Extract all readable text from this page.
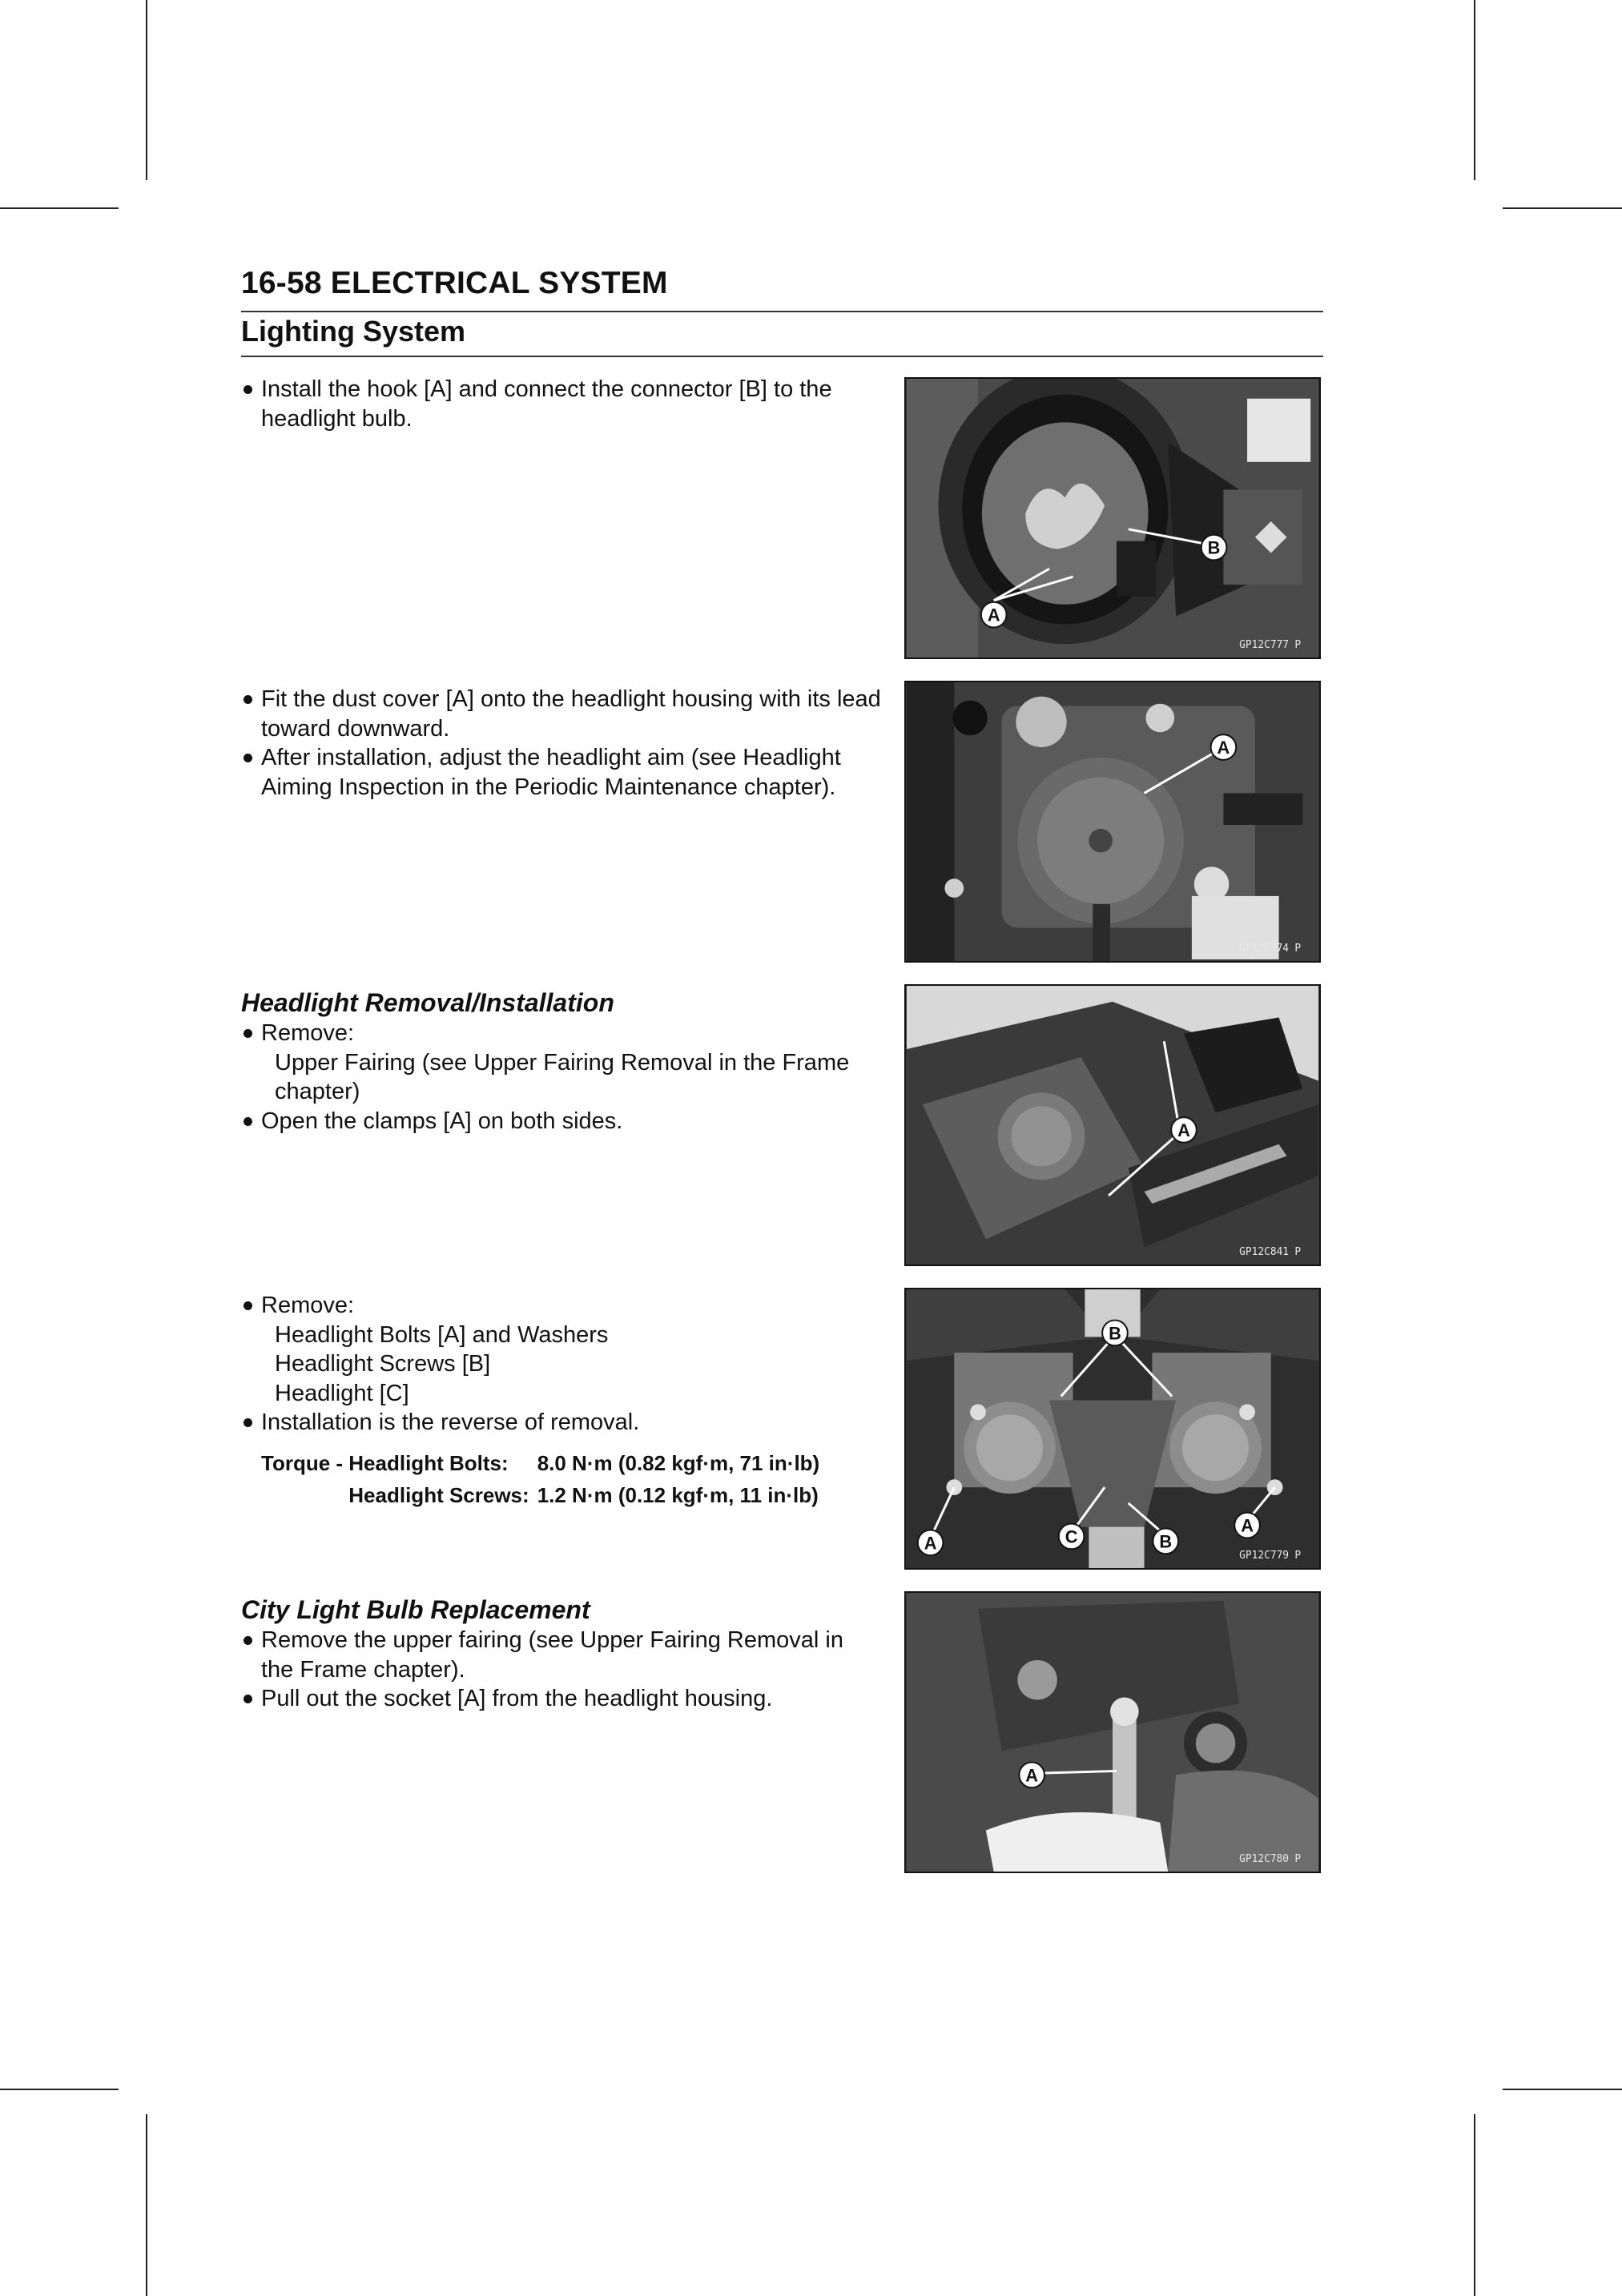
16-58 ELECTRICAL SYSTEM
Lighting System
Install the hook [A] and connect the connector [B] to the headlight bulb.
A
B
GP12C777 P
Fit the dust cover [A] onto the headlight housing with its lead toward downward.
After installation, adjust the headlight aim (see Headlight Aiming Inspection in the Periodic Maintenance chapter).
A
GP12C774 P
Headlight Removal/Installation
Remove:
Upper Fairing (see Upper Fairing Removal in the Frame chapter)
Open the clamps [A] on both sides.	A
GP12C841 P
Remove:
Headlight Bolts [A] and Washers
Headlight Screws [B]
Headlight [C]
Installation is the reverse of removal.
Torque -	Headlight Bolts:	8.0 N·m (0.82 kgf·m, 71 in·lb)
	Headlight Screws:	1.2 N·m (0.12 kgf·m, 11 in·lb)
B
A
A
C	B
GP12C779 P
City Light Bulb Replacement
Remove the upper fairing (see Upper Fairing Removal in the Frame chapter).
Pull out the socket [A] from the headlight housing.
A
GP12C780 P
